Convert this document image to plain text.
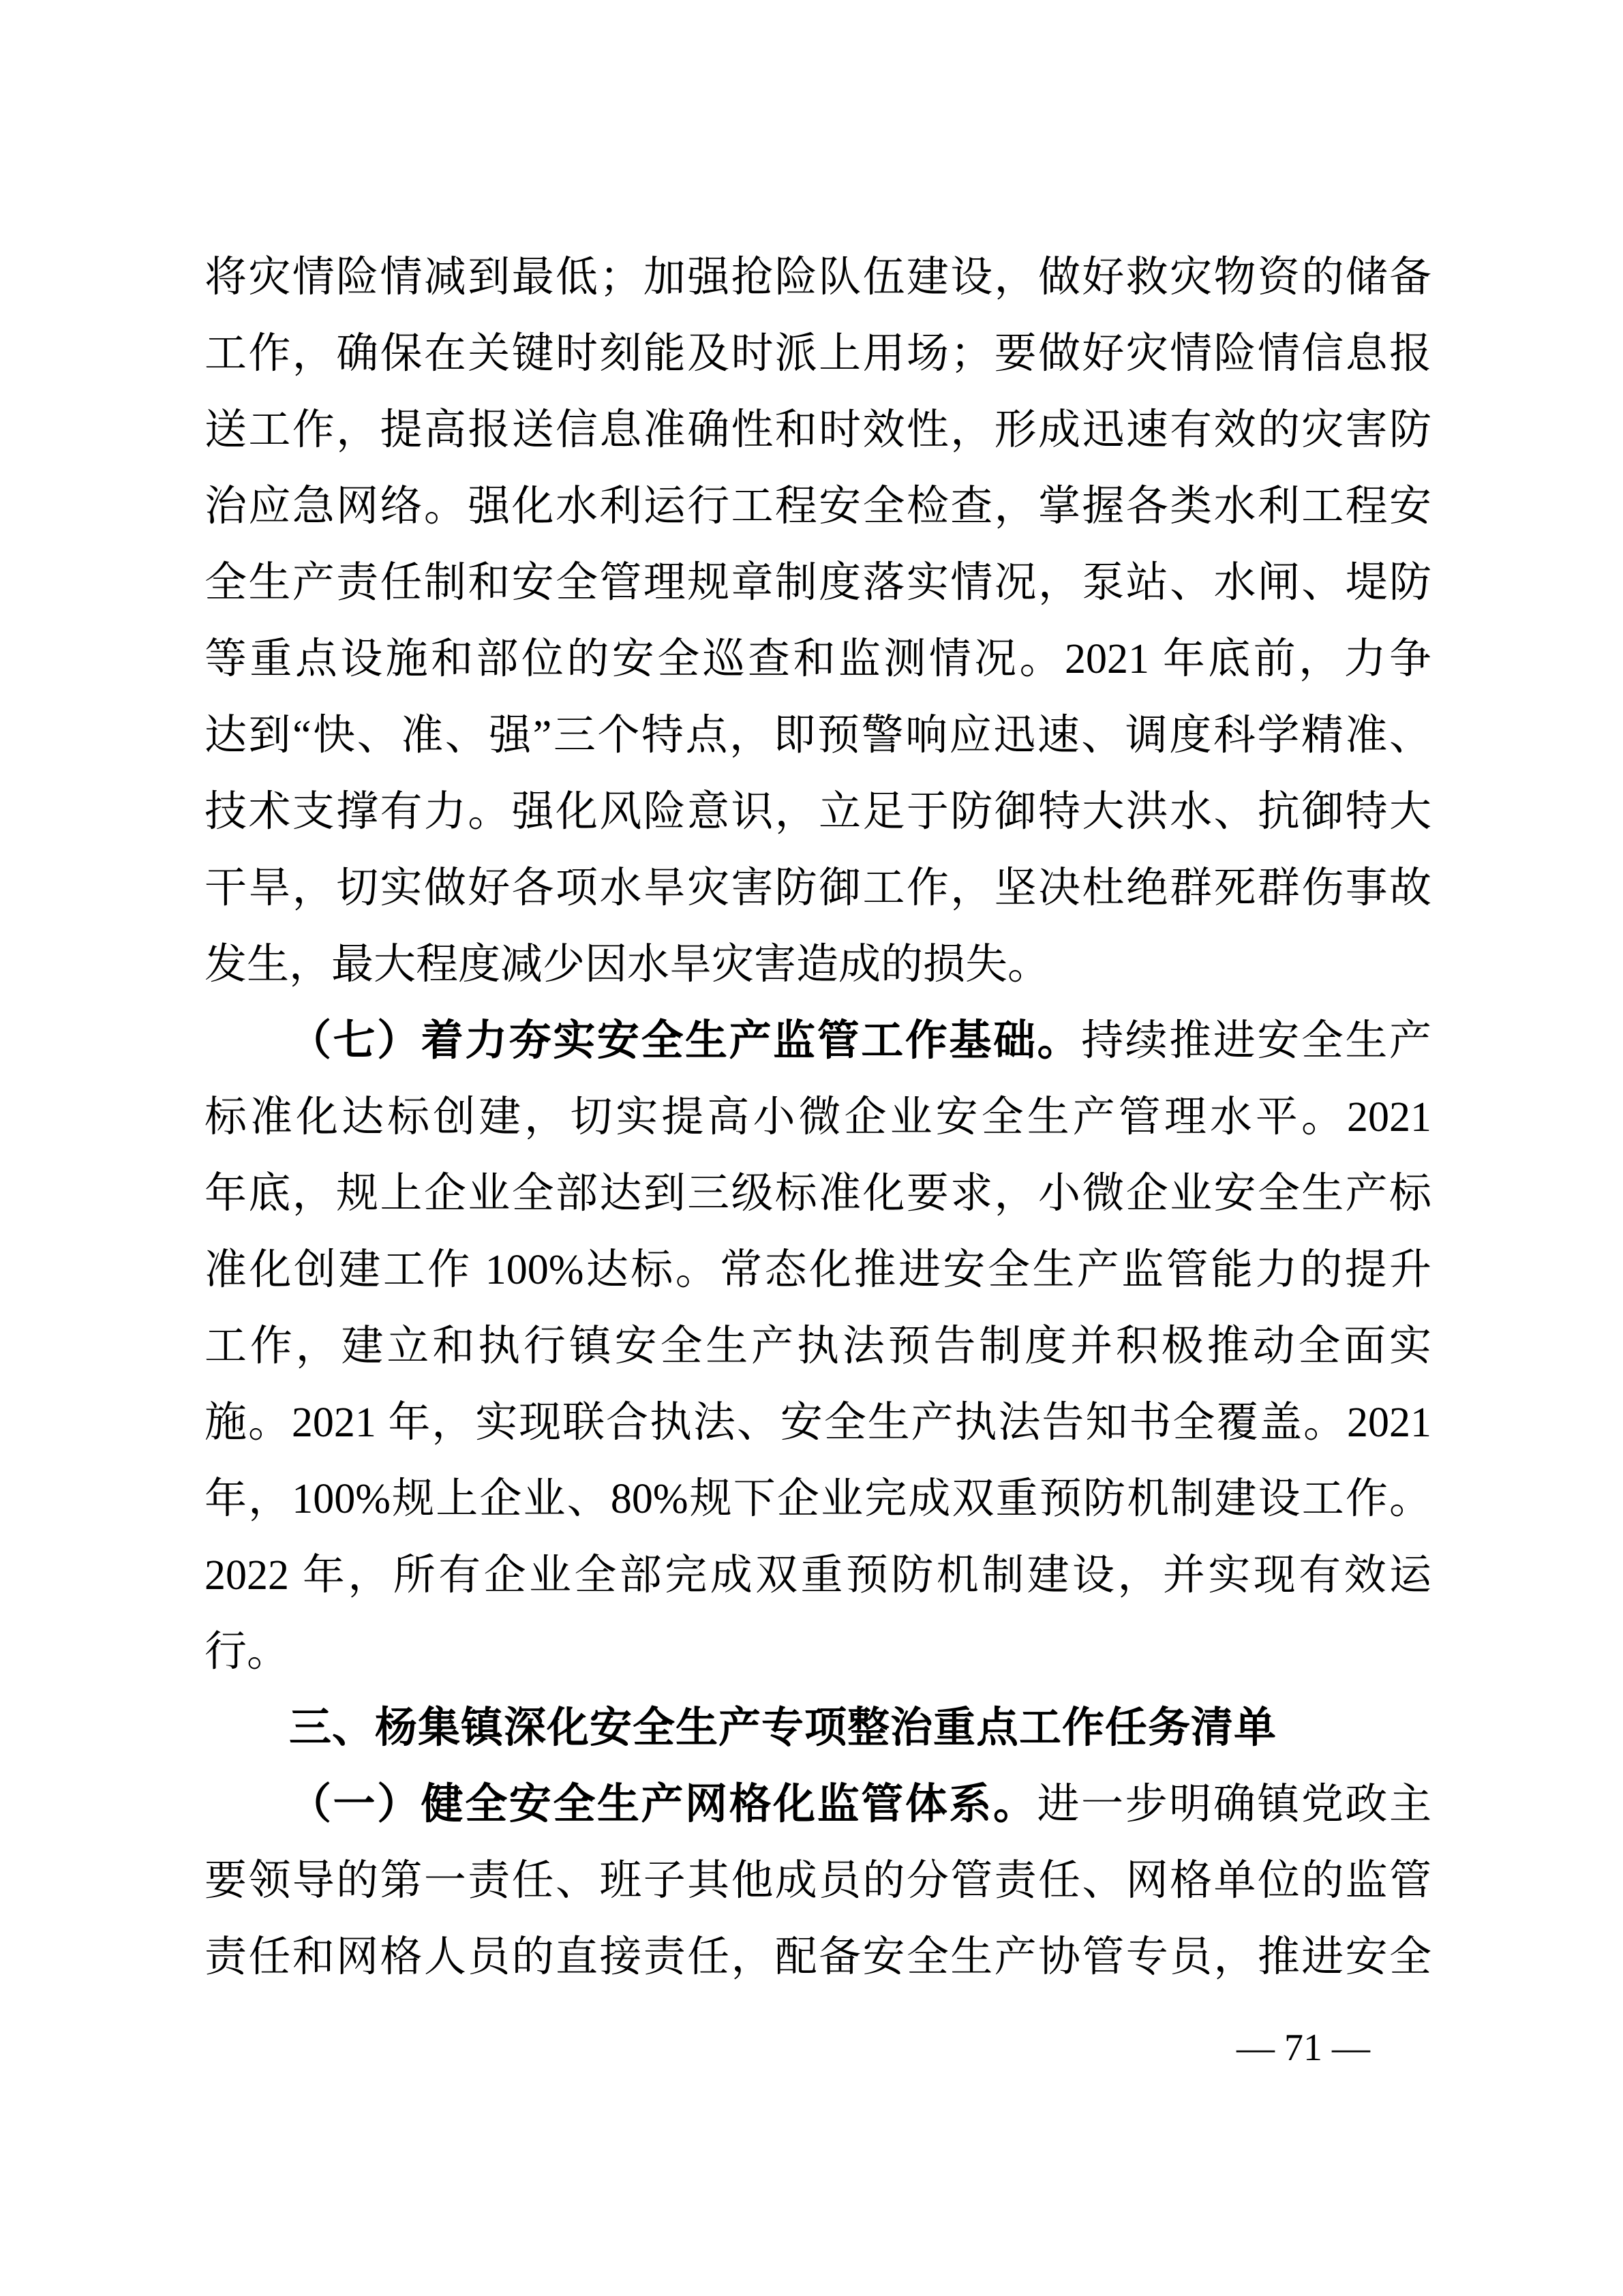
将灾情险情减到最低；加强抢险队伍建设，做好救灾物资的储备
工作，确保在关键时刻能及时派上用场；要做好灾情险情信息报
送工作，提高报送信息准确性和时效性，形成迅速有效的灾害防
治应急网络。强化水利运行工程安全检查，掌握各类水利工程安
全生产责任制和安全管理规章制度落实情况，泵站、水闸、堤防
等重点设施和部位的安全巡查和监测情况。2021 年底前，力争
达到“快、准、强”三个特点，即预警响应迅速、调度科学精准、
技术支撑有力。强化风险意识，立足于防御特大洪水、抗御特大
干旱，切实做好各项水旱灾害防御工作，坚决杜绝群死群伤事故
发生，最大程度减少因水旱灾害造成的损失。
（七）着力夯实安全生产监管工作基础。持续推进安全生产
标准化达标创建，切实提高小微企业安全生产管理水平。2021
年底，规上企业全部达到三级标准化要求，小微企业安全生产标
准化创建工作 100%达标。常态化推进安全生产监管能力的提升
工作，建立和执行镇安全生产执法预告制度并积极推动全面实
施。2021 年，实现联合执法、安全生产执法告知书全覆盖。2021
年，100%规上企业、80%规下企业完成双重预防机制建设工作。
2022 年，所有企业全部完成双重预防机制建设，并实现有效运
行。
三、杨集镇深化安全生产专项整治重点工作任务清单
（一）健全安全生产网格化监管体系。进一步明确镇党政主
要领导的第一责任、班子其他成员的分管责任、网格单位的监管
责任和网格人员的直接责任，配备安全生产协管专员，推进安全
— 71 —
